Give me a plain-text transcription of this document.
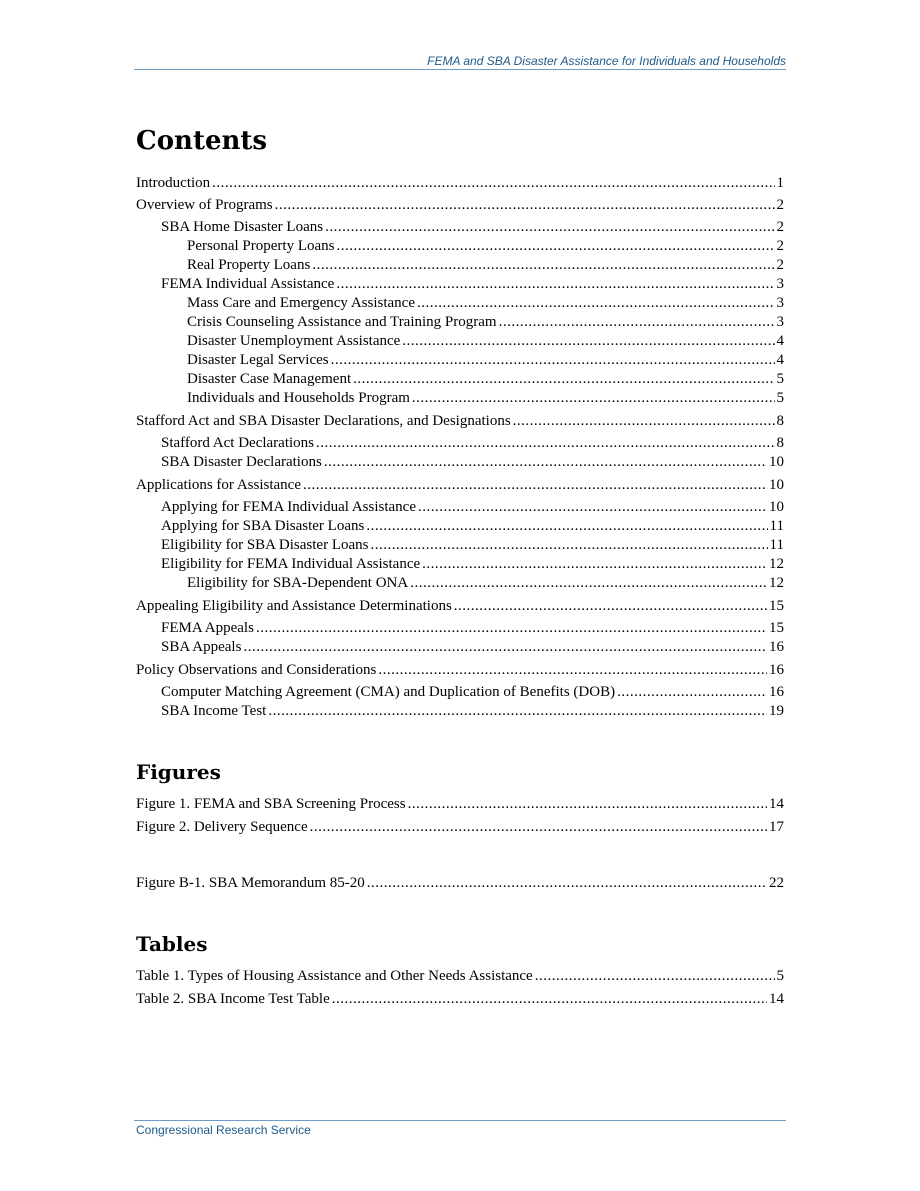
FEMA and SBA Disaster Assistance for Individuals and Households
Contents
Introduction .....	1
Overview of Programs .....	2
SBA Home Disaster Loans .....	2
Personal Property Loans .....	2
Real Property Loans .....	2
FEMA Individual Assistance .....	3
Mass Care and Emergency Assistance .....	3
Crisis Counseling Assistance and Training Program .....	3
Disaster Unemployment Assistance .....	4
Disaster Legal Services .....	4
Disaster Case Management .....	5
Individuals and Households Program .....	5
Stafford Act and SBA Disaster Declarations, and Designations .....	8
Stafford Act Declarations .....	8
SBA Disaster Declarations .....	10
Applications for Assistance .....	10
Applying for FEMA Individual Assistance .....	10
Applying for SBA Disaster Loans .....	11
Eligibility for SBA Disaster Loans .....	11
Eligibility for FEMA Individual Assistance .....	12
Eligibility for SBA-Dependent ONA .....	12
Appealing Eligibility and Assistance Determinations .....	15
FEMA Appeals .....	15
SBA Appeals .....	16
Policy Observations and Considerations .....	16
Computer Matching Agreement (CMA) and Duplication of Benefits (DOB) .....	16
SBA Income Test .....	19
Figures
Figure 1. FEMA and SBA Screening Process .....	14
Figure 2. Delivery Sequence .....	17
Figure B-1. SBA Memorandum 85-20 .....	22
Tables
Table 1. Types of Housing Assistance and Other Needs Assistance .....	5
Table 2. SBA Income Test Table .....	14
Congressional Research Service
